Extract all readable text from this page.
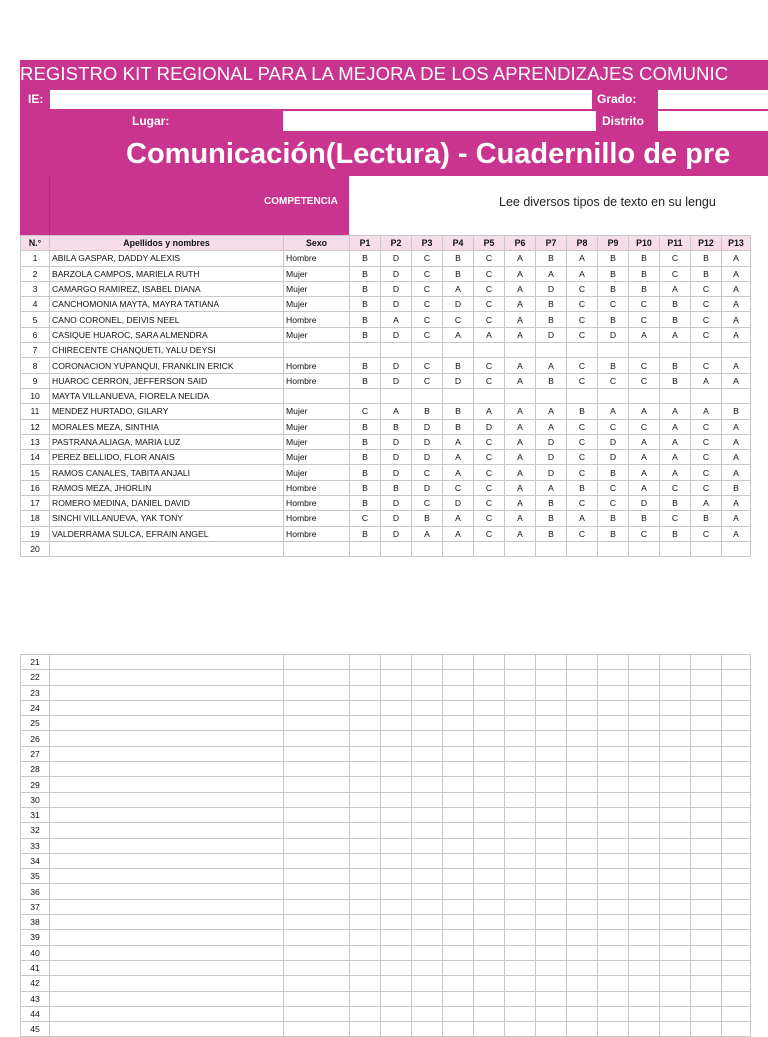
REGISTRO KIT REGIONAL PARA LA MEJORA DE LOS APRENDIZAJES COMUNIC
IE:	Grado:
Lugar:	Distrito
Comunicación(Lectura) - Cuadernillo de pre
COMPETENCIA	Lee diversos tipos de texto en su lengu
N.°	Apellidos y nombres	Sexo	P1	P2	P3	P4	P5	P6	P7	P8	P9	P10	P11	P12	P13
1	ABILA GASPAR, DADDY ALEXIS	Hombre	B	D	C	B	C	A	B	A	B	B	C	B	A
2	BARZOLA CAMPOS, MARIELA RUTH	Mujer	B	D	C	B	C	A	A	A	B	B	C	B	A
3	CAMARGO RAMIREZ, ISABEL DIANA	Mujer	B	D	C	A	C	A	D	C	B	B	A	C	A
4	CANCHOMONIA MAYTA, MAYRA TATIANA	Mujer	B	D	C	D	C	A	B	C	C	C	B	C	A
5	CANO CORONEL, DEIVIS NEEL	Hombre	B	A	C	C	C	A	B	C	B	C	B	C	A
6	CASIQUE HUAROC, SARA ALMENDRA	Mujer	B	D	C	A	A	A	D	C	D	A	A	C	A
7	CHIRECENTE CHANQUETI, YALU DEYSI														
8	CORONACION YUPANQUI, FRANKLIN ERICK	Hombre	B	D	C	B	C	A	A	C	B	C	B	C	A
9	HUAROC CERRON, JEFFERSON SAID	Hombre	B	D	C	D	C	A	B	C	C	C	B	A	A
10	MAYTA VILLANUEVA, FIORELA NELIDA														
11	MENDEZ HURTADO, GILARY	Mujer	C	A	B	B	A	A	A	B	A	A	A	A	B
12	MORALES MEZA, SINTHIA	Mujer	B	B	D	B	D	A	A	C	C	C	A	C	A
13	PASTRANA ALIAGA, MARIA LUZ	Mujer	B	D	D	A	C	A	D	C	D	A	A	C	A
14	PEREZ BELLIDO, FLOR ANAIS	Mujer	B	D	D	A	C	A	D	C	D	A	A	C	A
15	RAMOS CANALES, TABITA ANJALI	Mujer	B	D	C	A	C	A	D	C	B	A	A	C	A
16	RAMOS MEZA, JHORLIN	Hombre	B	B	D	C	C	A	A	B	C	A	C	C	B
17	ROMERO MEDINA, DANIEL DAVID	Hombre	B	D	C	D	C	A	B	C	C	D	B	A	A
18	SINCHI VILLANUEVA, YAK TONY	Hombre	C	D	B	A	C	A	B	A	B	B	C	B	A
19	VALDERRAMA SULCA, EFRAIN ANGEL	Hombre	B	D	A	A	C	A	B	C	B	C	B	C	A
20															
21															
22															
23															
24															
25															
26															
27															
28															
29															
30															
31															
32															
33															
34															
35															
36															
37															
38															
39															
40															
41															
42															
43															
44															
45															
